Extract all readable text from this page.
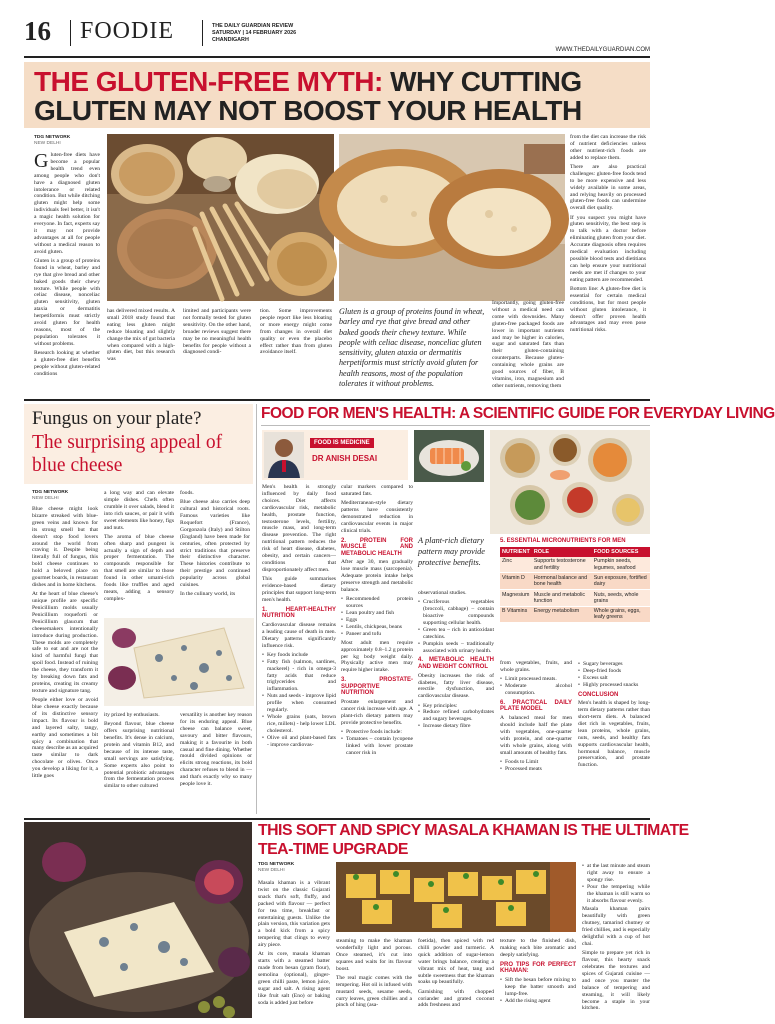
16 FOODIE	THE DAILY GUARDIAN REVIEW
SATURDAY | 14 FEBRUARY 2026
CHANDIGARH
WWW.THEDAILYGUARDIAN.COM
THE GLUTEN-FREE MYTH: WHY CUTTING
GLUTEN MAY NOT BOOST YOUR HEALTH
TDG NETWORK
NEW DELHI
G luten-free diets have become a popular health trend even among people who don't have a diagnosed gluten intolerance or related condition. But while ditching gluten might help some individuals feel better, it isn't a magic health solution for everyone. In fact, experts say it may not provide advantages at all for people without a medical reason to avoid gluten.

Gluten is a group of proteins found in wheat, barley and rye that give bread and other baked goods their chewy texture. While people with celiac disease, nonceliac gluten sensitivity, gluten ataxia or dermatitis herpetiformis must strictly avoid gluten for health reasons, most of the population tolerates it without problems.

Research looking at whether a gluten-free diet benefits people without gluten-related conditions

has delivered mixed results. A small 2018 study found that eating less gluten might reduce bloating and slightly change the mix of gut bacteria when compared with a high-gluten diet, but this research was
limited and participants were not formally tested for gluten sensitivity. On the other hand, broader reviews suggest there may be no meaningful health benefits for people without a diagnosed condi-
tion. Some improvements people report like less bloating or more energy might come from changes in overall diet quality or even the placebo effect rather than from gluten avoidance itself.
Gluten is a group of proteins found in wheat, barley and rye that give bread and other baked goods their chewy texture. While people with celiac disease, nonceliac gluten sensitivity, gluten ataxia or dermatitis herpetiformis must strictly avoid gluten for health reasons, most of the population tolerates it without problems.
Importantly, going gluten-free without a medical need can come with downsides. Many gluten-free packaged foods are lower in important nutrients and may be higher in calories, sugar and saturated fats than their gluten-containing counterparts. Because gluten-containing whole grains are good sources of fiber, B vitamins, iron, magnesium and other nutrients, removing them

from the diet can increase the risk of nutrient deficiencies unless other nutrient-rich foods are added to replace them.

There are also practical challenges: gluten-free foods tend to be more expensive and less widely available in some areas, and relying heavily on processed gluten-free foods can undermine overall diet quality.

If you suspect you might have gluten sensitivity, the best step is to talk with a doctor before eliminating gluten from your diet. Accurate diagnosis often requires medical evaluation including possible blood tests and dietitians can help ensure your nutritional needs are met if changes to your eating pattern are recommended.

Bottom line: A gluten-free diet is essential for certain medical conditions, but for most people without gluten intolerance, it doesn't offer proven health advantages and may even pose nutritional risks.

Fungus on your plate?
The surprising appeal of blue cheese
TDG NETWORK
NEW DELHI

Blue cheese might look bizarre streaked with blue-green veins and known for its strong smell but that doesn't stop food lovers around the world from craving it. Despite being literally full of fungus, this bold cheese continues to hold a beloved place on gourmet boards, in restaurant dishes and in home kitchens.

At the heart of blue cheese's unique profile are specific Penicillium molds usually Penicillium roqueforti or Penicillium glaucum that cheesemakers intentionally introduce during production. These molds are completely safe to eat and are not the kind of harmful fungi that spoil food. Instead of ruining the cheese, they transform it by breaking down fats and proteins, creating its creamy texture and signature tang.

People either love or avoid blue cheese exactly because of its distinctive sensory impact. Its flavour is bold and layered salty, tangy, earthy and sometimes a bit spicy a combination that many describe as an acquired taste similar to dark chocolate or olives. Once you develop a liking for it, a little goes

a long way and can elevate simple dishes. Chefs often crumble it over salads, blend it into rich sauces, or pair it with sweet elements like honey, figs and nuts.

The aroma of blue cheese often sharp and pungent is actually a sign of depth and proper fermentation. The compounds responsible for that smell are similar to those found in other umami-rich foods like truffles and aged meats, adding a sensory complex-

foods.

Blue cheese also carries deep cultural and historical roots. Famous varieties like Roquefort (France), Gorgonzola (Italy) and Stilton (England) have been made for centuries, often protected by strict traditions that preserve their distinctive character. These histories contribute to their prestige and continued popularity across global cuisines.

In the culinary world, its

ity prized by enthusiasts.

Beyond flavour, blue cheese offers surprising nutritional benefits. It's dense in calcium, protein and vitamin B12, and because of its intense taste, small servings are satisfying. Some experts also point to potential probiotic advantages from the fermentation process similar to other cultured

versatility is another key reason for its enduring appeal. Blue cheese can balance sweet, savoury and bitter flavours, making it a favourite in both casual and fine dining. Whether mould divided opinions or elicits strong reactions, its bold character refuses to blend in — and that's exactly why so many people love it.
FOOD FOR MEN'S HEALTH: A SCIENTIFIC GUIDE FOR EVERYDAY LIVING
FOOD IS MEDICINE
DR ANISH DESAI

Men's health is strongly influenced by daily food choices. Diet affects cardiovascular risk, metabolic health, prostate function, testosterone levels, fertility, muscle mass, and long-term disease prevention. The right nutritional pattern reduces the risk of heart disease, diabetes, obesity, and certain cancers—conditions that disproportionately affect men.

This guide summarises evidence-based dietary principles that support long-term men's health.

1. HEART-HEALTHY NUTRITION

Cardiovascular disease remains a leading cause of death in men. Dietary patterns significantly influence risk.

• Key foods include
• Fatty fish (salmon, sardines, mackerel) - rich in omega-3 fatty acids that reduce triglycerides and inflammation.
• Nuts and seeds - improve lipid profile when consumed regularly.
• Whole grains (oats, brown rice, millets) - help lower LDL cholesterol.
• Olive oil and plant-based fats - improve cardiovas-

cular markers compared to saturated fats.

Mediterranean-style dietary patterns have consistently demonstrated reduction in cardiovascular events in major clinical trials.

2. PROTEIN FOR MUSCLE AND METABOLIC HEALTH

After age 30, men gradually lose muscle mass (sarcopenia). Adequate protein intake helps preserve strength and metabolic balance.

• Recommended protein sources
• Lean poultry and fish
• Eggs
• Lentils, chickpeas, beans
• Paneer and tofu

Most adult men require approximately 0.8–1.2 g protein per kg body weight daily. Physically active men may require higher intake.

3. PROSTATE-SUPPORTIVE NUTRITION

Prostate enlargement and cancer risk increase with age. A plant-rich dietary pattern may provide protective benefits.

• Protective foods include:
• Tomatoes – contain lycopene linked with lower prostate cancer risk in
A plant-rich dietary pattern may provide protective benefits.

observational studies.

• Cruciferous vegetables (broccoli, cabbage) – contain bioactive compounds supporting cellular health.
• Green tea – rich in antioxidant catechins.
• Pumpkin seeds – traditionally associated with urinary health.
4. METABOLIC HEALTH AND WEIGHT CONTROL

Obesity increases the risk of diabetes, fatty liver disease, erectile dysfunction, and cardiovascular disease.

• Key principles:
• Reduce refined carbohydrates and sugary beverages.
• Increase dietary fibre
5. ESSENTIAL MICRONUTRIENTS FOR MEN
NUTRIENT	ROLE	FOOD SOURCES
Zinc	Supports testosterone and fertility	Pumpkin seeds, legumes, seafood
Vitamin D	Hormonal balance and bone health	Sun exposure, fortified dairy
Magnesium	Muscle and metabolic function	Nuts, seeds, whole grains
B Vitamins	Energy metabolism	Whole grains, eggs, leafy greens

from vegetables, fruits, and whole grains.

• Limit processed meats.
• Moderate alcohol consumption.
6. PRACTICAL DAILY PLATE MODEL

A balanced meal for men should include half the plate with vegetables, one-quarter with protein, and one-quarter with whole grains, along with small amounts of healthy fats.

• Foods to Limit
• Processed meats
• Sugary beverages
• Deep-fried foods
• Excess salt
• Highly processed snacks
CONCLUSION

Men's health is shaped by long-term dietary patterns rather than short-term diets. A balanced diet rich in vegetables, fruits, lean proteins, whole grains, nuts, seeds, and healthy fats supports cardiovascular health, hormonal balance, muscle preservation, and prostate function.

THIS SOFT AND SPICY MASALA KHAMAN IS THE ULTIMATE
TEA-TIME UPGRADE
TDG NETWORK
NEW DELHI

Masala khaman is a vibrant twist on the classic Gujarati snack that's soft, fluffy, and packed with flavour — perfect for tea time, breakfast or entertaining guests. Unlike the plain version, this variation gets a bold kick from a spicy tempering that clings to every airy piece.

At its core, masala khaman starts with a steamed batter made from besan (gram flour), semolina (optional), ginger-green chilli paste, lemon juice, sugar and salt. A rising agent like fruit salt (Eno) or baking soda is added just before

steaming to make the khaman wonderfully light and porous. Once steamed, it's cut into squares and waits for its flavour boost.

The real magic comes with the tempering. Hot oil is infused with mustard seeds, sesame seeds, curry leaves, green chillies and a pinch of hing (asa-

foetida), then spiced with red chilli powder and turmeric. A quick addition of sugar-lemon water brings balance, creating a vibrant mix of heat, tang and subtle sweetness that the khaman soaks up beautifully.

Garnishing with chopped coriander and grated coconut adds freshness and

texture to the finished dish, making each bite aromatic and deeply satisfying.

PRO TIPS FOR PERFECT KHAMAN:
• Sift the besan before mixing to keep the batter smooth and lump-free.
• Add the rising agent
• at the last minute and steam right away to ensure a spongy rise.
• Pour the tempering while the khaman is still warm so it absorbs flavour evenly.

Masala khaman pairs beautifully with green chutney, tamarind chutney or fried chillies, and is especially delightful with a cup of hot chai.

Simple to prepare yet rich in flavour, this hearty snack celebrates the textures and spices of Gujarati cuisine — and once you master the balance of tempering and steaming, it will likely become a staple in your kitchen.
